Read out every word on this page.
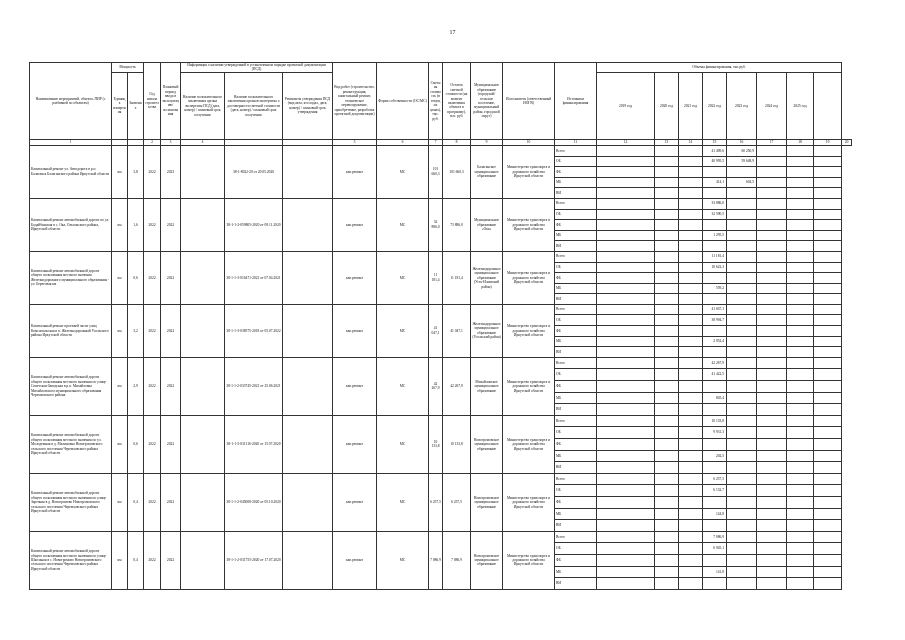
17
Наименование мероприятий, объекта, ПИР (с разбивкой по объектам)	Мощность		Год начала строительства	Плановый период ввода в эксплуатацию/ассигнования	Информация о наличии утвержденной в установленном порядке проектной документации (ПСД)			Вид работ (строительство, реконструкция, капитальный ремонт, техническое перевооружение, приобретение, разработка проектной документации)	Форма собственности (ОС/МС)	Сметная стоимость (в текущих ценах), тыс. руб.	Остаток сметной стоимости (на момент включения объекта в программу), тыс. руб.	Муниципальное образование (городской/сельское поселение, муниципальный район, городской округ)	Исполнитель (ответственный ИОГВ)	Источники финансирования	Объемы финансирования, тыс.руб.								
	Единица измерения	Значение			Наличие положительного заключения органа экспертизы ПСД (дата, номер) / плановый срок получения	Наличие положительного заключения органов экспертизы о достоверности сметной стоимости (дата, номер) / плановый срок получения	Реквизиты утверждения ПСД (вид акта, кто издал, дата, номер) / плановый срок утверждения								2019 год	2020 год	2021 год	2022 год	2023 год	2024 год	2025 год		
1			2	3	4			5	6	7	8	9	10	11	12	13	14	15	16	17	18	19	20
Капитальный ремонт ул. Автодорога в р.п. Балаганск Балаганского района Иркутской области	км	3,8	2022	2023		38-1-8022-20 от 20.05.2020		кап.ремонт	МС	101 660,3	101 660,3	Балаганское муниципальное образование	Министерство транспорта и дорожного хозяйства Иркутской области	Всего				41 409,6	60 250,9				
														ОБ				40 995,5	59 648,9				
														ФБ									
														МБ				414,1	602,5				
														ВИ									
Капитальный ремонт автомобильной дороги по ул. Бодайбинская в с. Ока, Ольхонского района, Иркутской области	км	1,6	2022	2022		38-1-1-2-059805-2020 от 09.11.2020		кап.ремонт	МС	32 886,0	73 886,0	Муниципальное образование «Ока»	Министерство транспорта и дорожного хозяйства Иркутской области	Всего				33 886,0					
														ОБ				32 590,5					
														ФБ									
														МБ				1 295,5					
														ВИ									
Капитальный ремонт автомобильной дороги общего пользования местного значения Железнодорожного муниципального образования - ул. Береговая км	км	0,6	2022	2022		38-1-1-3-016471-2021 от 07.04.2021		кап.ремонт	МС	11 181,4	11 181,4	Железнодорожное муниципальное образование (Усть-Илимский район)	Министерство транспорта и дорожного хозяйства Иркутской области	Всего				11 181,4					
														ОБ				10 622,3					
														ФБ									
														МБ				559,2					
														ВИ									
Капитальный ремонт проезжей части улиц Комсомольская в п. Железнодорожный Усольского района Иркутской области	км	3,2	2022	2022		38-1-1-3-038575-2018 от 05.07.2022		кап.ремонт	МС	41 047,1	41 047,1	Железнодорожное муниципальное образование (Усольский район)	Министерство транспорта и дорожного хозяйства Иркутской области	Всего				41 047,1					
														ОБ				38 994,7					
														ФБ									
														МБ				2 052,4					
														ВИ									
Капитальный ремонт автомобильной дороги общего пользования местного значения по улице Советская-Заводская в р.п. Михайловка Михайловского муниципального образования Черемховского района	км	2,9	2022	2022		38-1-1-2-033745-2021 от 25.06.2021		кап.ремонт	МС	42 267,9	42 267,9	Михайловское муниципальное образование	Министерство транспорта и дорожного хозяйства Иркутской области	Всего				42 267,9					
														ОБ				41 422,5					
														ФБ									
														МБ				845,4					
														ВИ									
Капитальный ремонт автомобильной дороги общего пользования местного значения по ул. Молодежная в д. Малиновка Новогромовского сельского поселения Черемховского района Иркутской области	км	0,6	2022	2022		38-1-1-3-031116-2020 от 15.07.2020		кап.ремонт	МС	10 133,8	10 133,8	Новогромовское муниципальное образование	Министерство транспорта и дорожного хозяйства Иркутской области	Всего				10 133,8					
														ОБ				9 931,3					
														ФБ									
														МБ				202,5					
														ВИ									
Капитальный ремонт автомобильной дороги общего пользования местного значения по улице Заречная в д. Новогромово Новогромовского сельского поселения Черемховского района Иркутской области	км	0,4	2022	2022		38-1-1-2-045008-2020 от 05.10.2020		кап.ремонт	МС	6 257,5	6 257,5	Новогромовское муниципальное образование	Министерство транспорта и дорожного хозяйства Иркутской области	Всего				6 257,5					
														ОБ				6 132,7					
														ФБ									
														МБ				124,8					
														ВИ									
Капитальный ремонт автомобильной дороги общего пользования местного значения по улице Школьная в с. Новогромово Новогромовского сельского поселения Черемховского района Иркутской области	км	0,4	2022	2022		38-1-1-2-031755-2020 от 17.07.2020		кап.ремонт	МС	7 086,9	7 086,9	Новогромовское муниципальное образование	Министерство транспорта и дорожного хозяйства Иркутской области	Всего				7 086,9					
														ОБ				6 945,1					
														ФБ									
														МБ				141,8					
														ВИ									
